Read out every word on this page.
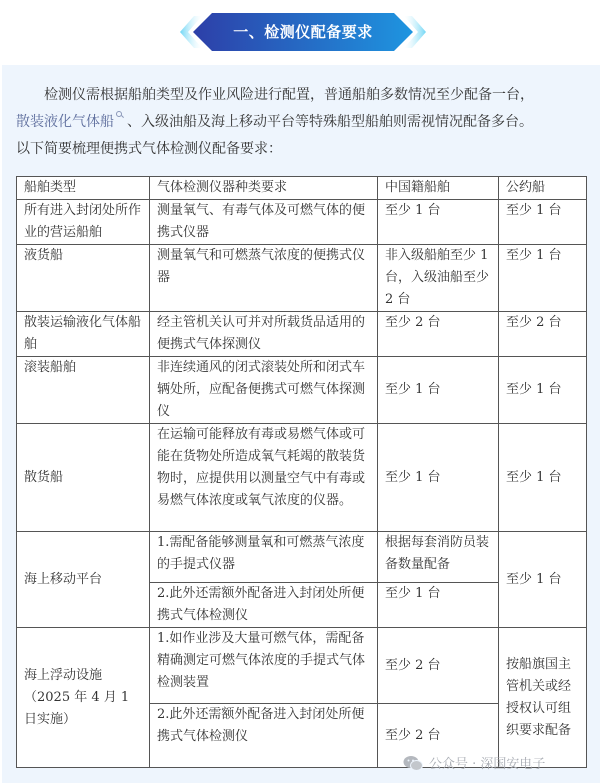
一、检测仪配备要求

检测仪需根据船舶类型及作业风险进行配置，普通船舶多数情况至少配备一台，

散装液化气体船 、入级油船及海上移动平台等特殊船型船舶则需视情况配备多台。

以下简要梳理便携式气体检测仪配备要求：

船舶类型	气体检测仪器种类要求	中国籍船舶	公约船
所有进入封闭处所作业的营运船舶	测量氧气、有毒气体及可燃气体的便携式仪器	至少 1 台	至少 1 台
液货船	测量氧气和可燃蒸气浓度的便携式仪器	非入级船舶至少 1 台，入级油船至少 2 台	至少 1 台
散装运输液化气体船舶	经主管机关认可并对所载货品适用的便携式气体探测仪	至少 2 台	至少 2 台
滚装船舶	非连续通风的闭式滚装处所和闭式车辆处所，应配备便携式可燃气体探测仪	至少 1 台	至少 1 台
散货船	在运输可能释放有毒或易燃气体或可能在货物处所造成氧气耗竭的散装货物时，应提供用以测量空气中有毒或易燃气体浓度或氧气浓度的仪器。	至少 1 台	至少 1 台
海上移动平台	1.需配备能够测量氧和可燃蒸气浓度的手提式仪器	根据每套消防员装备数量配备	至少 1 台
	2.此外还需额外配备进入封闭处所便携式气体检测仪	至少 1 台	
海上浮动设施（2025 年 4 月 1 日实施）	1.如作业涉及大量可燃气体，需配备精确测定可燃气体浓度的手提式气体检测装置	至少 2 台	按船旗国主管机关或经授权认可组织要求配备
	2.此外还需额外配备进入封闭处所便携式气体检测仪	至少 2 台	
公众号 · 深国安电子
